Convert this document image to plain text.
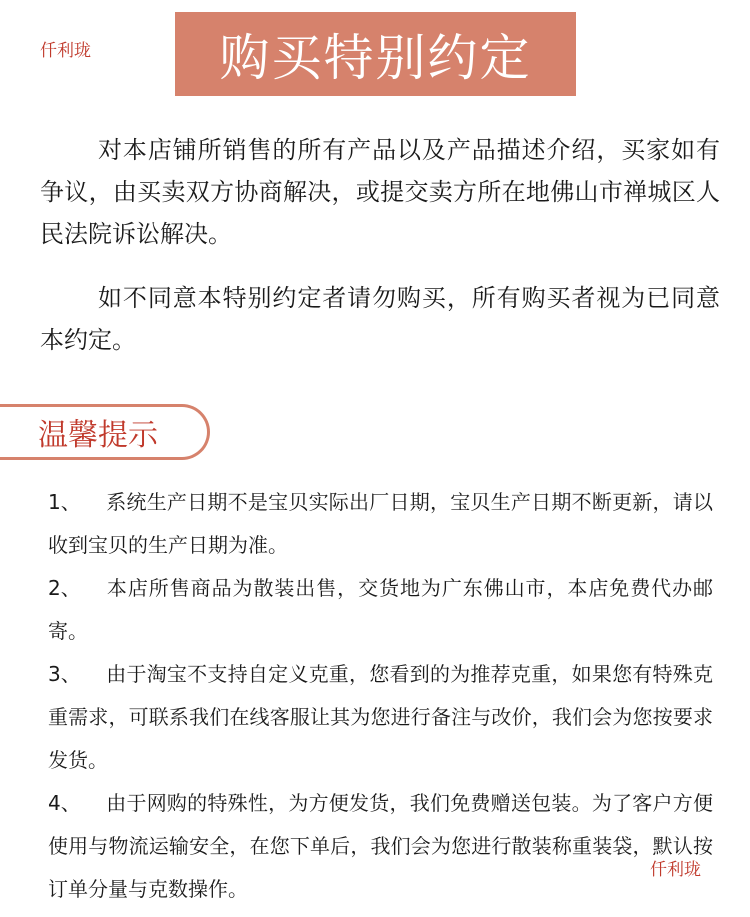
仟利珑	购买特别约定

对本店铺所销售的所有产品以及产品描述介绍，买家如有争议，由买卖双方协商解决，或提交卖方所在地佛山市禅城区人民法院诉讼解决。

如不同意本特别约定者请勿购买，所有购买者视为已同意本约定。

温馨提示

1、 系统生产日期不是宝贝实际出厂日期，宝贝生产日期不断更新，请以收到宝贝的生产日期为准。

2、 本店所售商品为散装出售，交货地为广东佛山市，本店免费代办邮寄。

3、 由于淘宝不支持自定义克重，您看到的为推荐克重，如果您有特殊克重需求，可联系我们在线客服让其为您进行备注与改价，我们会为您按要求发货。

4、 由于网购的特殊性，为方便发货，我们免费赠送包装。为了客户方便使用与物流运输安全，在您下单后，我们会为您进行散装称重装袋，默认按订单分量与克数操作。

仟利珑
